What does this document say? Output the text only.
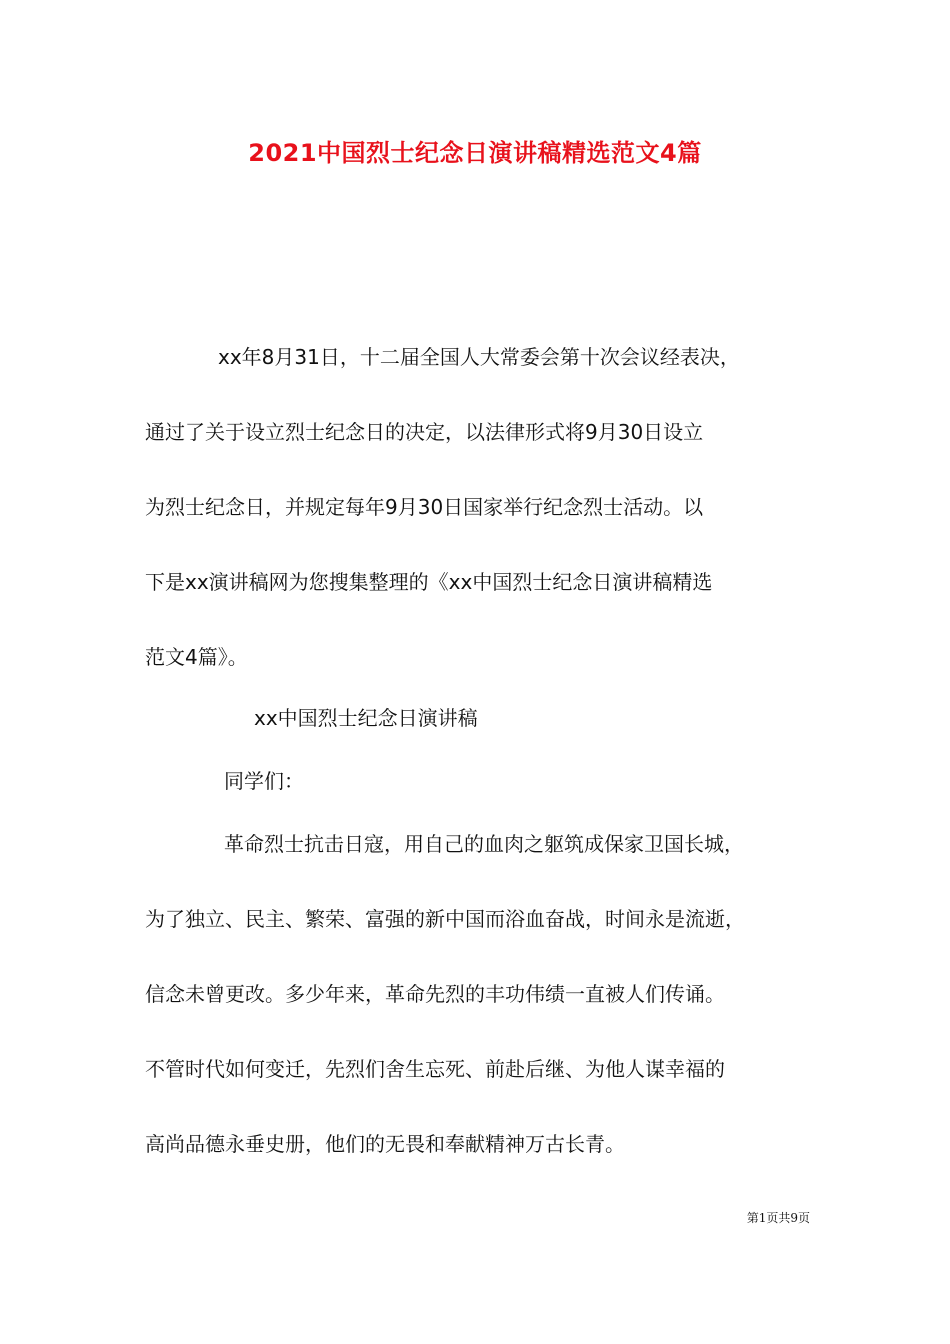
2021中国烈士纪念日演讲稿精选范文4篇
xx年8月31日，十二届全国人大常委会第十次会议经表决，
通过了关于设立烈士纪念日的决定，以法律形式将9月30日设立
为烈士纪念日，并规定每年9月30日国家举行纪念烈士活动。以
下是xx演讲稿网为您搜集整理的《xx中国烈士纪念日演讲稿精选
范文4篇》。
xx中国烈士纪念日演讲稿
同学们：
革命烈士抗击日寇，用自己的血肉之躯筑成保家卫国长城，
为了独立、民主、繁荣、富强的新中国而浴血奋战，时间永是流逝，
信念未曾更改。多少年来，革命先烈的丰功伟绩一直被人们传诵。
不管时代如何变迁，先烈们舍生忘死、前赴后继、为他人谋幸福的
高尚品德永垂史册，他们的无畏和奉献精神万古长青。
第1页共9页
